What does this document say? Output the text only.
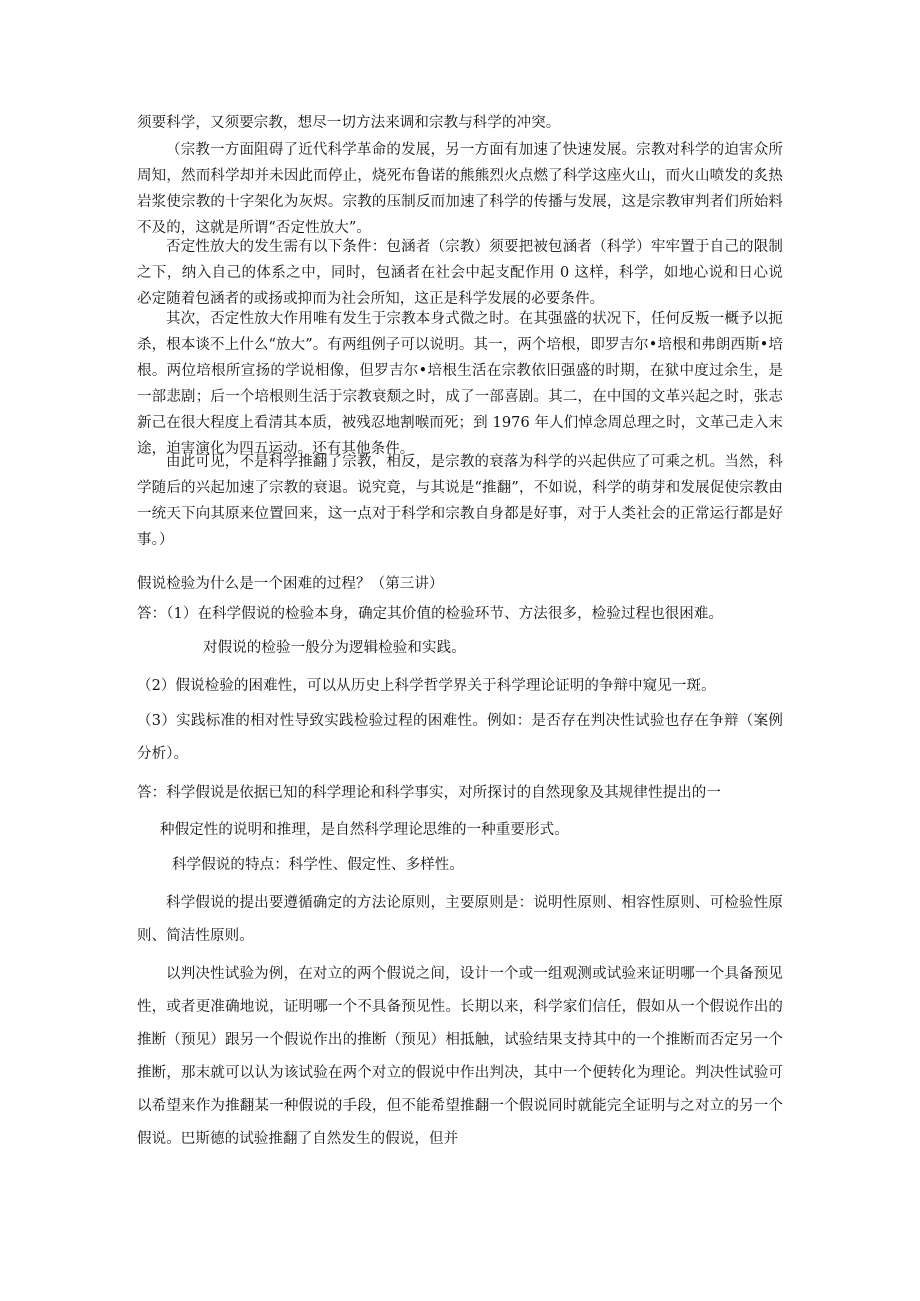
须要科学，又须要宗教，想尽一切方法来调和宗教与科学的冲突。

（宗教一方面阻碍了近代科学革命的发展，另一方面有加速了快速发展。宗教对科学的迫害众所周知，然而科学却并未因此而停止，烧死布鲁诺的熊熊烈火点燃了科学这座火山，而火山喷发的炙热岩浆使宗教的十字架化为灰烬。宗教的压制反而加速了科学的传播与发展，这是宗教审判者们所始料不及的，这就是所谓“否定性放大”。

否定性放大的发生需有以下条件：包涵者（宗教）须要把被包涵者（科学）牢牢置于自己的限制之下，纳入自己的体系之中，同时，包涵者在社会中起支配作用 0 这样，科学，如地心说和日心说必定随着包涵者的或扬或抑而为社会所知，这正是科学发展的必要条件。

其次，否定性放大作用唯有发生于宗教本身式微之时。在其强盛的状况下，任何反叛一概予以扼杀，根本谈不上什么“放大”。有两组例子可以说明。其一，两个培根，即罗吉尔•培根和弗朗西斯•培根。两位培根所宣扬的学说相像，但罗吉尔•培根生活在宗教依旧强盛的时期，在狱中度过余生，是一部悲剧；后一个培根则生活于宗教衰颓之时，成了一部喜剧。其二，在中国的文革兴起之时，张志新己在很大程度上看清其本质，被残忍地割喉而死；到 1976 年人们悼念周总理之时，文革己走入末途，迫害演化为四五运动。还有其他条件。

由此可见，不是科学推翻了宗教，相反，是宗教的衰落为科学的兴起供应了可乘之机。当然，科学随后的兴起加速了宗教的衰退。说究竟，与其说是“推翻”，不如说，科学的萌芽和发展促使宗教由一统天下向其原来位置回来，这一点对于科学和宗教自身都是好事，对于人类社会的正常运行都是好事。）

假说检验为什么是一个困难的过程？（第三讲）

答：（1）在科学假说的检验本身，确定其价值的检验环节、方法很多，检验过程也很困难。

对假说的检验一般分为逻辑检验和实践。

（2）假说检验的困难性，可以从历史上科学哲学界关于科学理论证明的争辩中窥见一斑。

（3）实践标准的相对性导致实践检验过程的困难性。例如：是否存在判决性试验也存在争辩（案例分析）。

答：科学假说是依据已知的科学理论和科学事实，对所探讨的自然现象及其规律性提出的一

种假定性的说明和推理，是自然科学理论思维的一种重要形式。

科学假说的特点：科学性、假定性、多样性。

科学假说的提出要遵循确定的方法论原则，主要原则是：说明性原则、相容性原则、可检验性原则、简洁性原则。

以判决性试验为例，在对立的两个假说之间，设计一个或一组观测或试验来证明哪一个具备预见性，或者更准确地说，证明哪一个不具备预见性。长期以来，科学家们信任，假如从一个假说作出的推断（预见）跟另一个假说作出的推断（预见）相抵触，试验结果支持其中的一个推断而否定另一个推断，那末就可以认为该试验在两个对立的假说中作出判决，其中一个便转化为理论。判决性试验可以希望来作为推翻某一种假说的手段，但不能希望推翻一个假说同时就能完全证明与之对立的另一个假说。巴斯德的试验推翻了自然发生的假说，但并
